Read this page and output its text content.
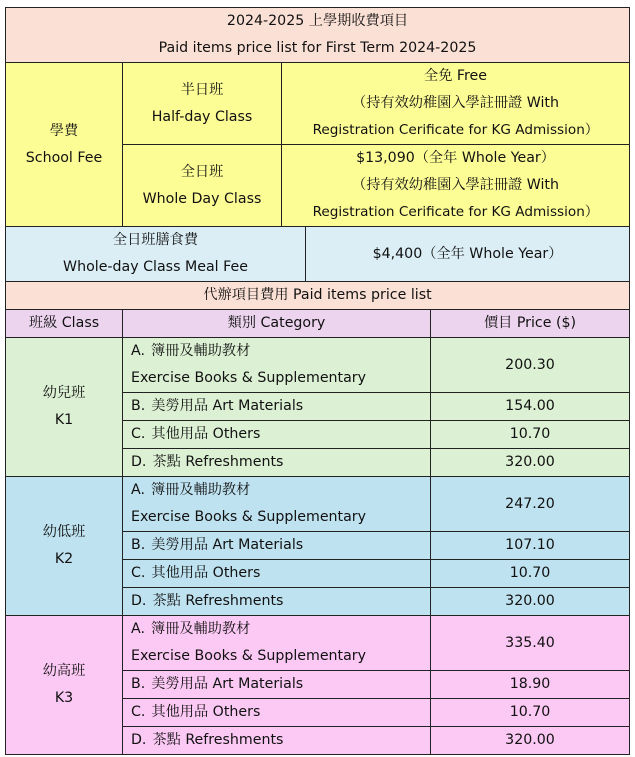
2024-2025 上學期收費項目
Paid items price list for First Term 2024-2025				

學費
School Fee	半日班
Half-day Class	全免 Free
（持有效幼稚園入學註冊證 With
Registration Cerificate for KG Admission）		

	全日班
Whole Day Class	$13,090（全年 Whole Year）
（持有效幼稚園入學註冊證 With
Registration Cerificate for KG Admission）		

全日班膳食費
Whole-day Class Meal Fee			$4,400（全年 Whole Year）	
代辦項目費用 Paid items price list				
班級 Class	類別 Category			價目 Price ($)

幼兒班
K1	A. 簿冊及輔助教材
Exercise Books & Supplementary			200.30
	B. 美勞用品 Art Materials			154.00
	C. 其他用品 Others			10.70
	D. 茶點 Refreshments			320.00

幼低班
K2	A. 簿冊及輔助教材
Exercise Books & Supplementary			247.20
	B. 美勞用品 Art Materials			107.10
	C. 其他用品 Others			10.70
	D. 茶點 Refreshments			320.00

幼高班
K3	A. 簿冊及輔助教材
Exercise Books & Supplementary			335.40
	B. 美勞用品 Art Materials			18.90
	C. 其他用品 Others			10.70
	D. 茶點 Refreshments			320.00
